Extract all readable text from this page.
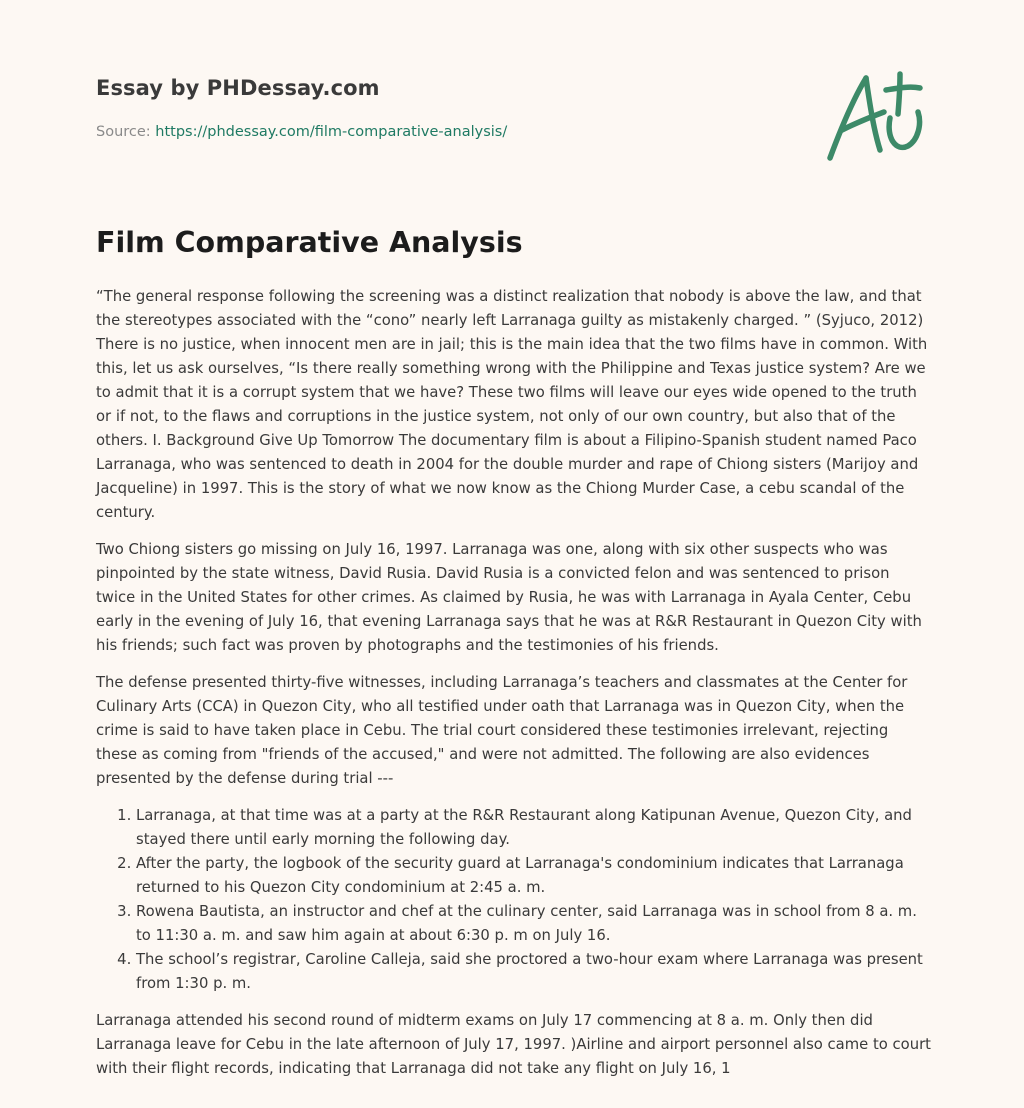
Essay by PHDessay.com
Source: https://phdessay.com/film-comparative-analysis/
Film Comparative Analysis

“The general response following the screening was a distinct realization that nobody is above the law, and that the stereotypes associated with the “cono” nearly left Larranaga guilty as mistakenly charged. ” (Syjuco, 2012) There is no justice, when innocent men are in jail; this is the main idea that the two films have in common. With this, let us ask ourselves, “Is there really something wrong with the Philippine and Texas justice system? Are we to admit that it is a corrupt system that we have? These two films will leave our eyes wide opened to the truth or if not, to the flaws and corruptions in the justice system, not only of our own country, but also that of the others. I. Background Give Up Tomorrow The documentary film is about a Filipino-Spanish student named Paco Larranaga, who was sentenced to death in 2004 for the double murder and rape of Chiong sisters (Marijoy and Jacqueline) in 1997. This is the story of what we now know as the Chiong Murder Case, a cebu scandal of the century.

Two Chiong sisters go missing on July 16, 1997. Larranaga was one, along with six other suspects who was pinpointed by the state witness, David Rusia. David Rusia is a convicted felon and was sentenced to prison twice in the United States for other crimes. As claimed by Rusia, he was with Larranaga in Ayala Center, Cebu early in the evening of July 16, that evening Larranaga says that he was at R&R Restaurant in Quezon City with his friends; such fact was proven by photographs and the testimonies of his friends.

The defense presented thirty-five witnesses, including Larranaga’s teachers and classmates at the Center for Culinary Arts (CCA) in Quezon City, who all testified under oath that Larranaga was in Quezon City, when the crime is said to have taken place in Cebu. The trial court considered these testimonies irrelevant, rejecting these as coming from "friends of the accused," and were not admitted. The following are also evidences presented by the defense during trial ---

1. Larranaga, at that time was at a party at the R&R Restaurant along Katipunan Avenue, Quezon City, and stayed there until early morning the following day.
2. After the party, the logbook of the security guard at Larranaga's condominium indicates that Larranaga returned to his Quezon City condominium at 2:45 a. m.
3. Rowena Bautista, an instructor and chef at the culinary center, said Larranaga was in school from 8 a. m. to 11:30 a. m. and saw him again at about 6:30 p. m on July 16.
4. The school’s registrar, Caroline Calleja, said she proctored a two-hour exam where Larranaga was present from 1:30 p. m.

Larranaga attended his second round of midterm exams on July 17 commencing at 8 a. m. Only then did Larranaga leave for Cebu in the late afternoon of July 17, 1997. )Airline and airport personnel also came to court with their flight records, indicating that Larranaga did not take any flight on July 16, 1
